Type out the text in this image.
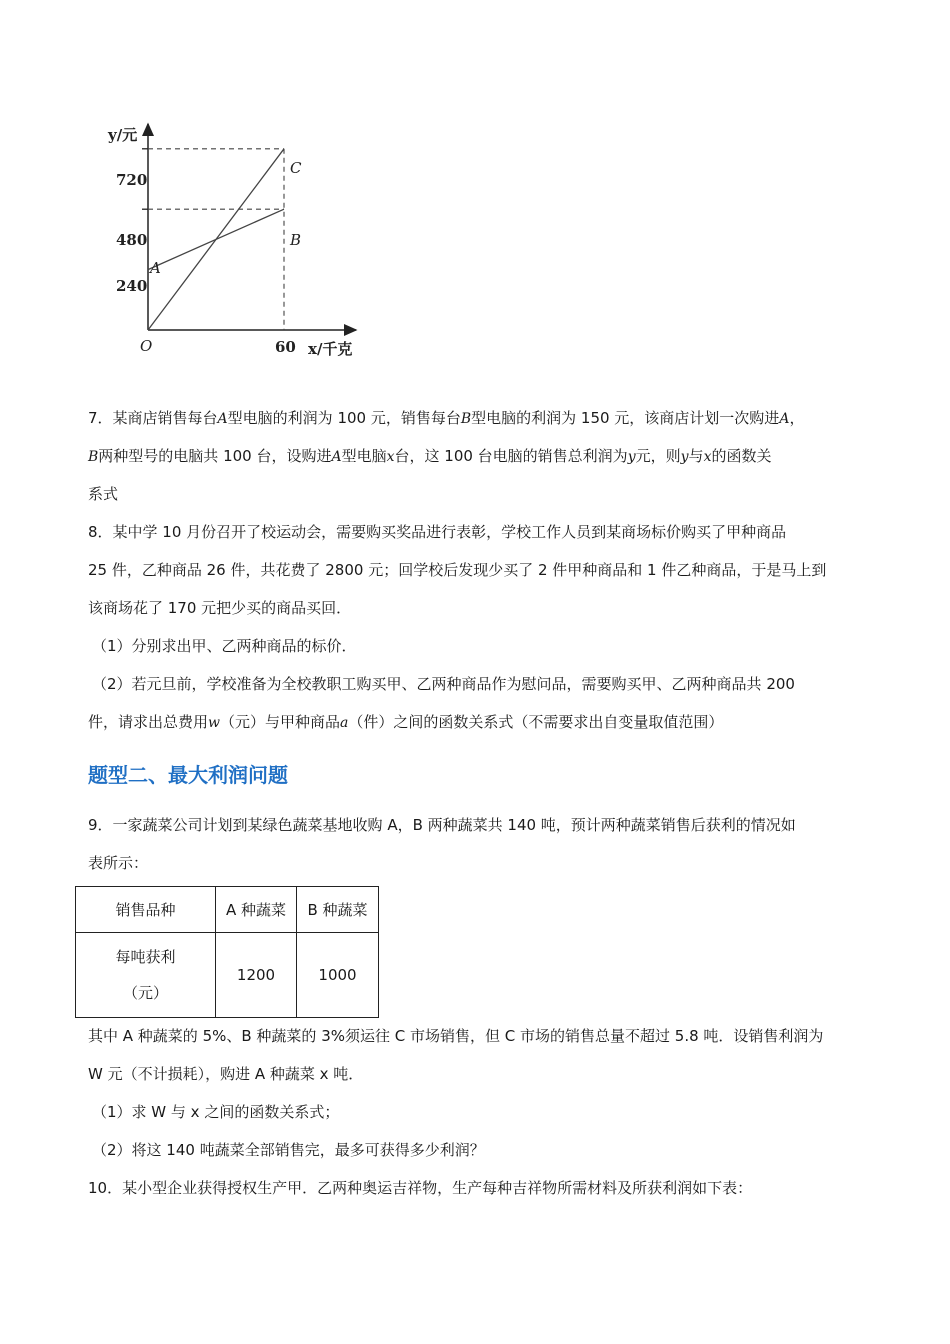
y/元
x/千克
720
480
240
60
O
A
B
C
7．某商店销售每台A型电脑的利润为 100 元，销售每台B型电脑的利润为 150 元，该商店计划一次购进A，
B两种型号的电脑共 100 台，设购进A型电脑x台，这 100 台电脑的销售总利润为y元，则y与x的函数关
系式
8．某中学 10 月份召开了校运动会，需要购买奖品进行表彰，学校工作人员到某商场标价购买了甲种商品
25 件，乙种商品 26 件，共花费了 2800 元；回学校后发现少买了 2 件甲种商品和 1 件乙种商品，于是马上到
该商场花了 170 元把少买的商品买回．
（1）分别求出甲、乙两种商品的标价．
（2）若元旦前，学校准备为全校教职工购买甲、乙两种商品作为慰问品，需要购买甲、乙两种商品共 200
件，请求出总费用w（元）与甲种商品a（件）之间的函数关系式（不需要求出自变量取值范围）
题型二、最大利润问题
9．一家蔬菜公司计划到某绿色蔬菜基地收购 A，B 两种蔬菜共 140 吨，预计两种蔬菜销售后获利的情况如
表所示：
销售品种	A 种蔬菜	B 种蔬菜

每吨获利
（元）	1200	1000
其中 A 种蔬菜的 5%、B 种蔬菜的 3%须运往 C 市场销售，但 C 市场的销售总量不超过 5.8 吨．设销售利润为
W 元（不计损耗），购进 A 种蔬菜 x 吨．
（1）求 W 与 x 之间的函数关系式；
（2）将这 140 吨蔬菜全部销售完，最多可获得多少利润？
10．某小型企业获得授权生产甲．乙两种奥运吉祥物，生产每种吉祥物所需材料及所获利润如下表：
